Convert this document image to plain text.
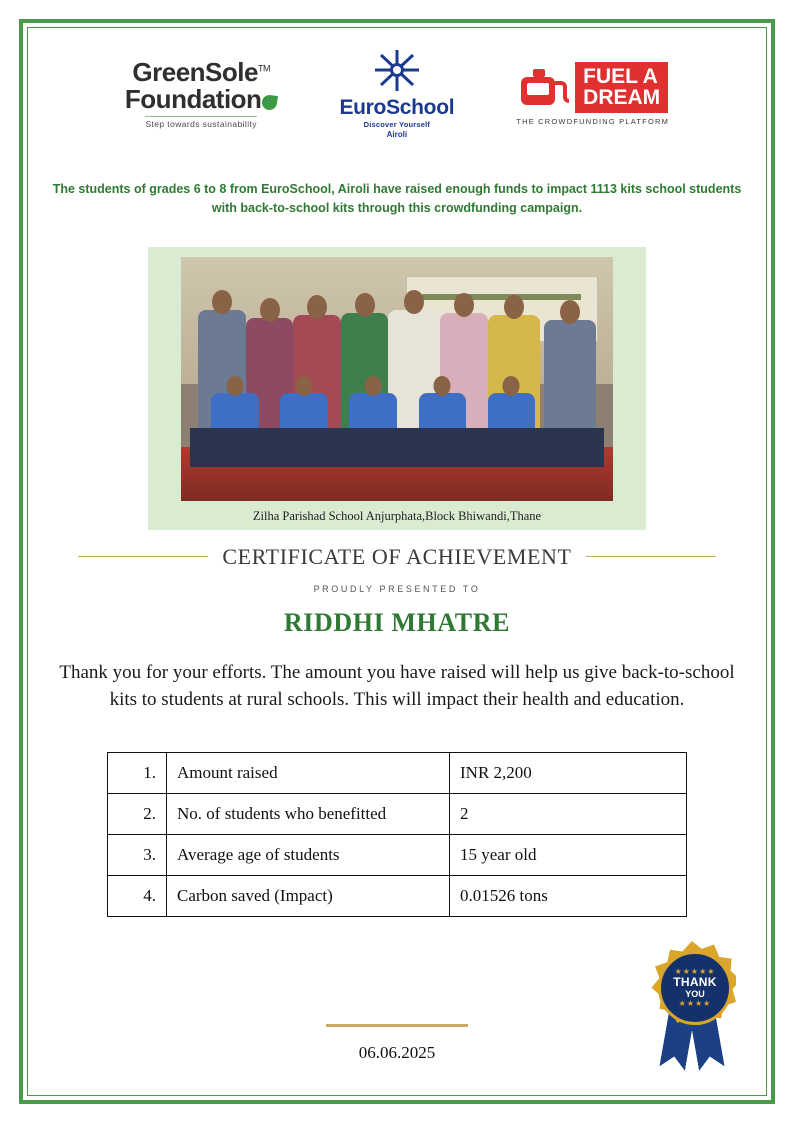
GreenSole™
Foundation
Step towards sustainability
EuroSchool
Discover Yourself
Airoli
FUEL A
DREAM
THE CROWDFUNDING PLATFORM
The students of grades 6 to 8 from EuroSchool, Airoli have raised enough funds to impact 1113 kits school students with back-to-school kits through this crowdfunding campaign.
Zilha Parishad School Anjurphata,Block Bhiwandi,Thane
CERTIFICATE OF ACHIEVEMENT
PROUDLY PRESENTED TO
RIDDHI MHATRE
Thank you for your efforts. The amount you have raised will help us give back-to-school kits to students at rural schools. This will impact their health and education.
1.	Amount raised	INR 2,200
2.	No. of students who benefitted	2
3.	Average age of students	15 year old
4.	Carbon saved (Impact)	0.01526 tons
06.06.2025
★★★★★
THANK
YOU
★★★★
